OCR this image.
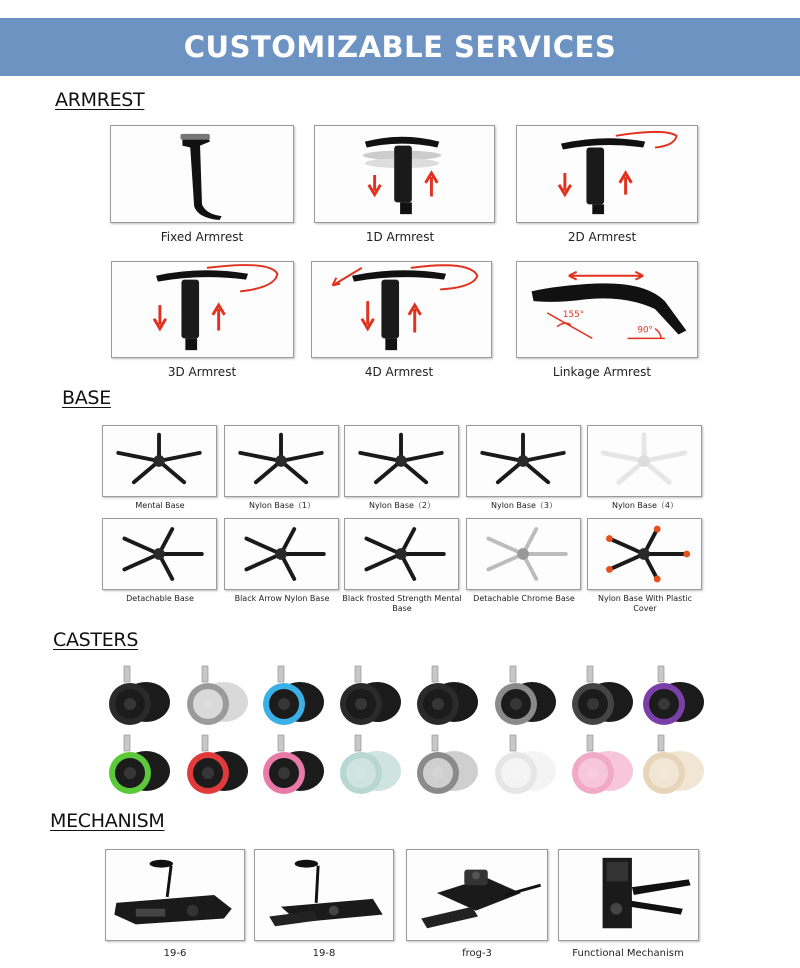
CUSTOMIZABLE SERVICES
ARMREST
BASE
CASTERS
MECHANISM
Fixed Armrest	1D Armrest	2D Armrest
3D Armrest	4D Armrest
155°
90°
Linkage Armrest
Mental Base	Nylon Base（1）	Nylon Base（2）	Nylon Base（3）	Nylon Base（4）
Detachable Base	Black Arrow Nylon Base	Black frosted Strength Mental Base
Detachable Chrome Base	Nylon Base With Plastic Cover
19-6	19-8	frog-3	Functional Mechanism
